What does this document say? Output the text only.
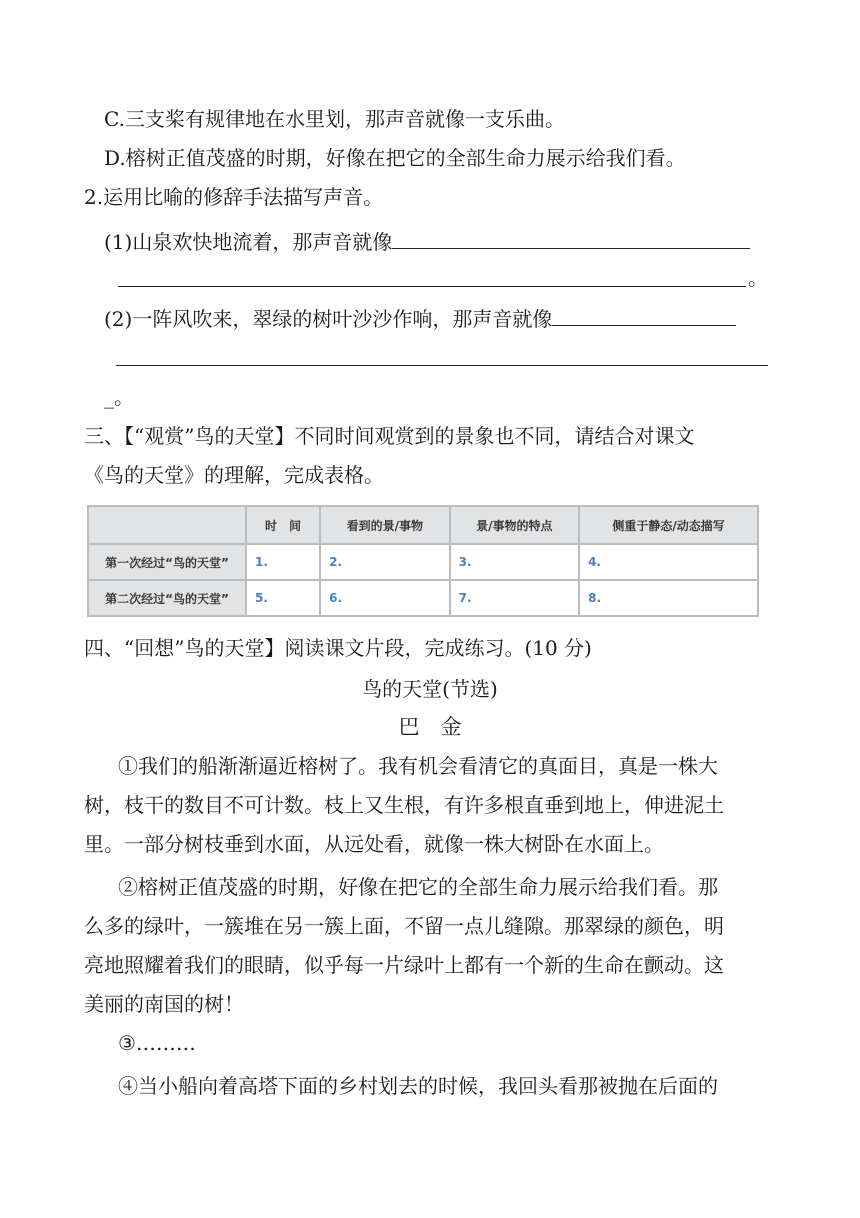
C.三支桨有规律地在水里划，那声音就像一支乐曲。
D.榕树正值茂盛的时期，好像在把它的全部生命力展示给我们看。
2.运用比喻的修辞手法描写声音。
(1)山泉欢快地流着，那声音就像
。
(2)一阵风吹来，翠绿的树叶沙沙作响，那声音就像
_。
三、【“观赏”鸟的天堂】不同时间观赏到的景象也不同，请结合对课文
《鸟的天堂》的理解，完成表格。
	时　间	看到的景/事物	景/事物的特点	侧重于静态/动态描写
第一次经过“鸟的天堂”	1.	2.	3.	4.
第二次经过“鸟的天堂”	5.	6.	7.	8.
四、“回想”鸟的天堂】阅读课文片段，完成练习。(10 分)
鸟的天堂(节选)
巴　金
①我们的船渐渐逼近榕树了。我有机会看清它的真面目，真是一株大
树，枝干的数目不可计数。枝上又生根，有许多根直垂到地上，伸进泥土
里。一部分树枝垂到水面，从远处看，就像一株大树卧在水面上。
②榕树正值茂盛的时期，好像在把它的全部生命力展示给我们看。那
么多的绿叶，一簇堆在另一簇上面，不留一点儿缝隙。那翠绿的颜色，明
亮地照耀着我们的眼睛，似乎每一片绿叶上都有一个新的生命在颤动。这
美丽的南国的树！
③………
④当小船向着高塔下面的乡村划去的时候，我回头看那被抛在后面的
